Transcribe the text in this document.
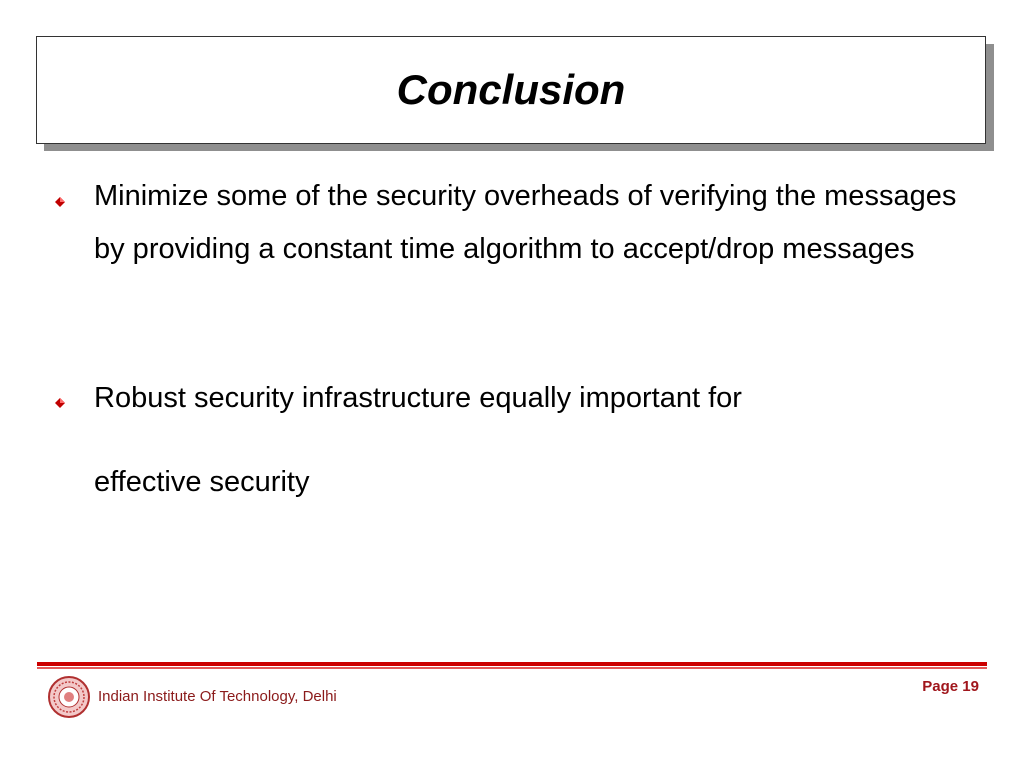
Conclusion
Minimize some of the security overheads of verifying the messages by providing a constant time algorithm to accept/drop messages
Robust security infrastructure equally important for
effective security
Indian Institute Of Technology, Delhi
Page 19
